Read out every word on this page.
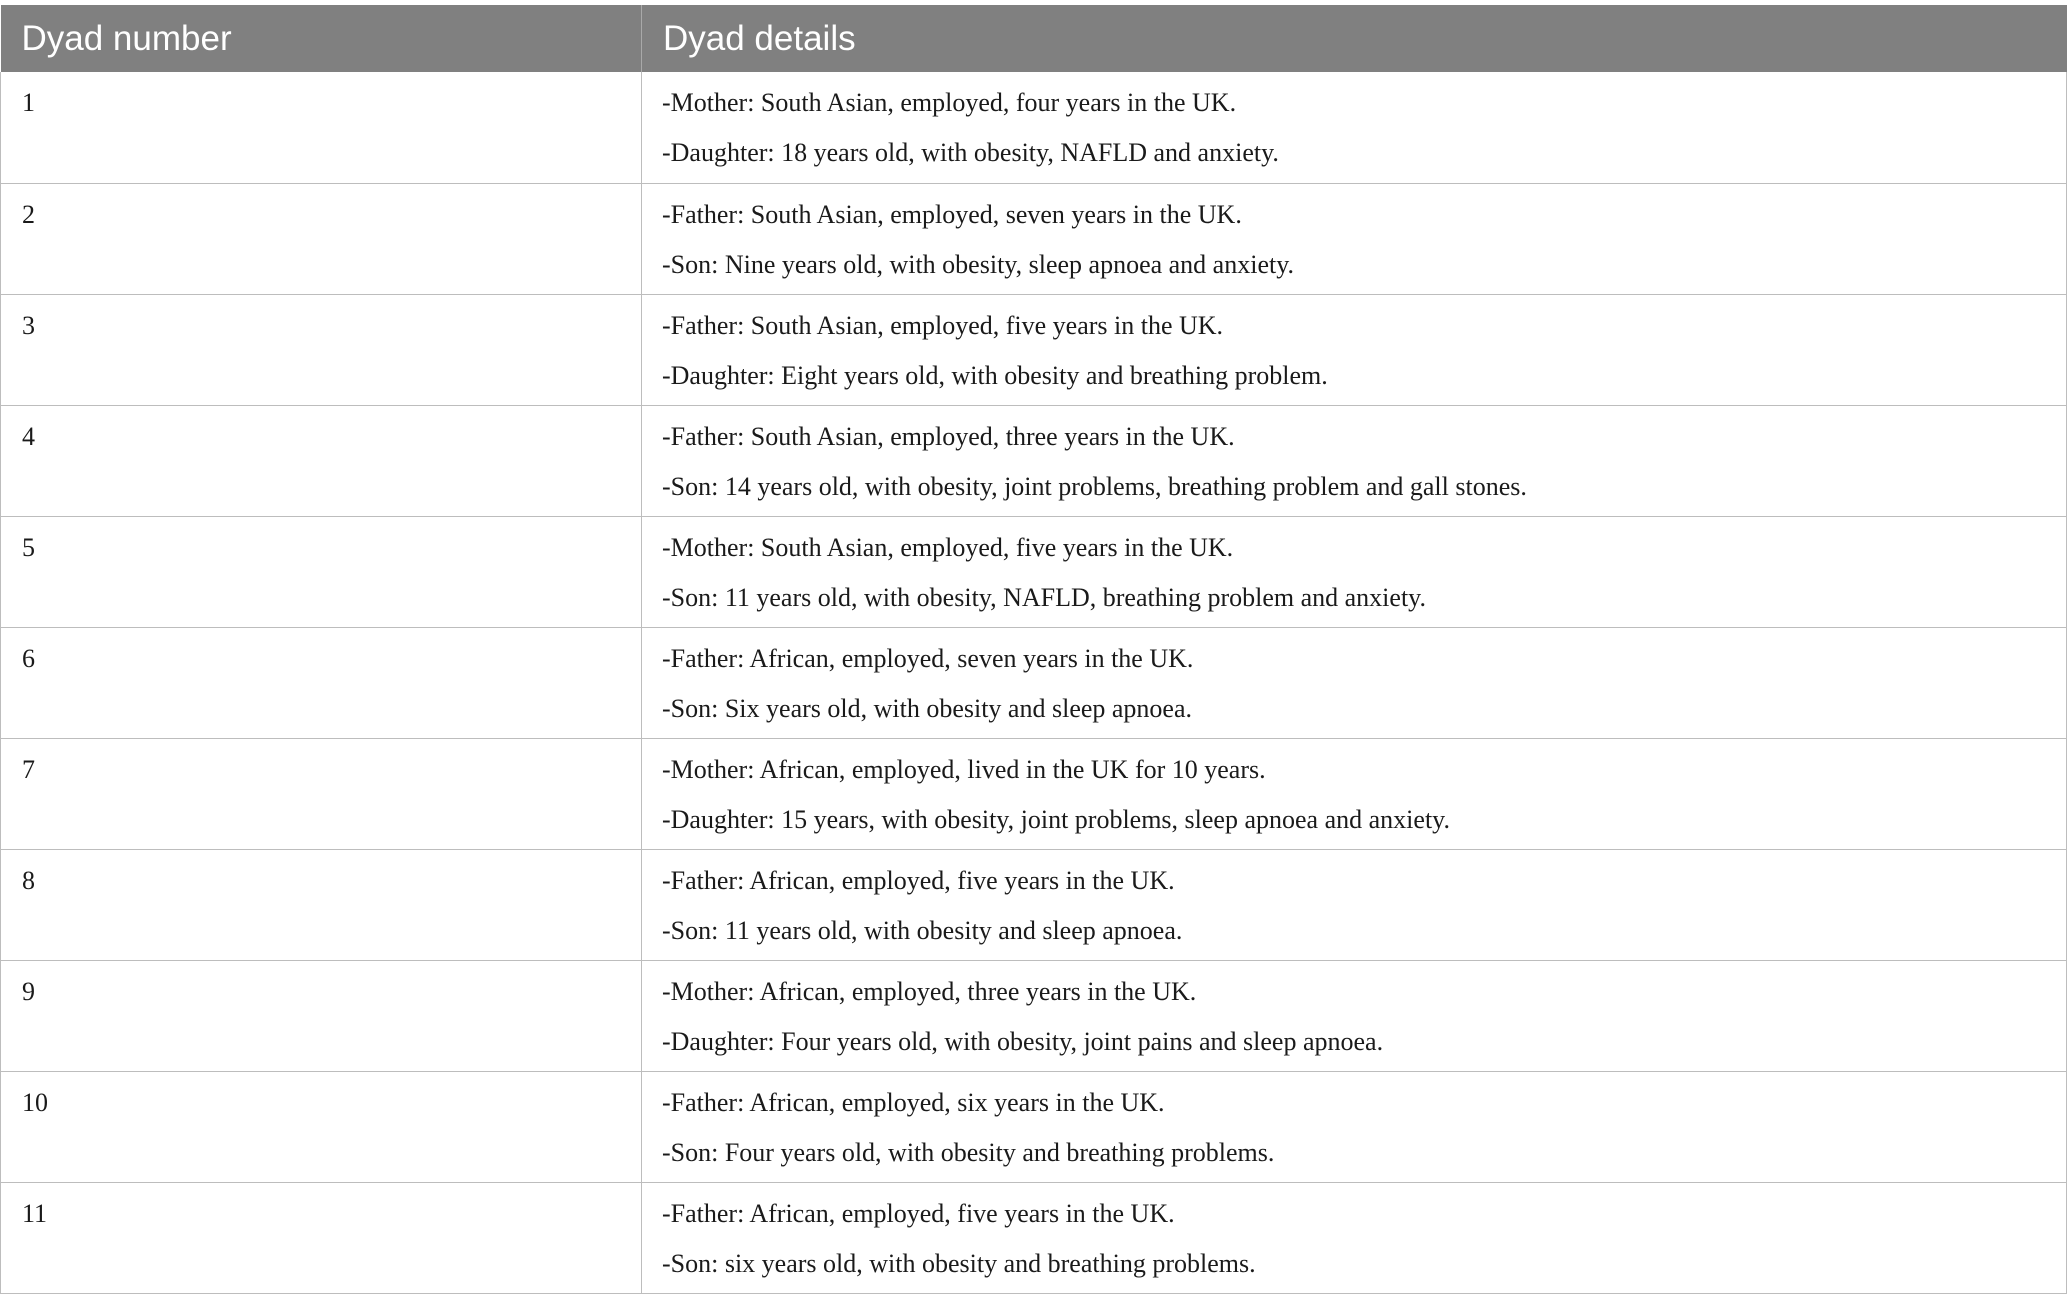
Dyad number	Dyad details

1	-Mother: South Asian, employed, four years in the UK.
-Daughter: 18 years old, with obesity, NAFLD and anxiety.

2	-Father: South Asian, employed, seven years in the UK.
-Son: Nine years old, with obesity, sleep apnoea and anxiety.

3	-Father: South Asian, employed, five years in the UK.
-Daughter: Eight years old, with obesity and breathing problem.

4	-Father: South Asian, employed, three years in the UK.
-Son: 14 years old, with obesity, joint problems, breathing problem and gall stones.

5	-Mother: South Asian, employed, five years in the UK.
-Son: 11 years old, with obesity, NAFLD, breathing problem and anxiety.

6	-Father: African, employed, seven years in the UK.
-Son: Six years old, with obesity and sleep apnoea.

7	-Mother: African, employed, lived in the UK for 10 years.
-Daughter: 15 years, with obesity, joint problems, sleep apnoea and anxiety.

8	-Father: African, employed, five years in the UK.
-Son: 11 years old, with obesity and sleep apnoea.

9	-Mother: African, employed, three years in the UK.
-Daughter: Four years old, with obesity, joint pains and sleep apnoea.

10	-Father: African, employed, six years in the UK.
-Son: Four years old, with obesity and breathing problems.

11	-Father: African, employed, five years in the UK.
-Son: six years old, with obesity and breathing problems.
